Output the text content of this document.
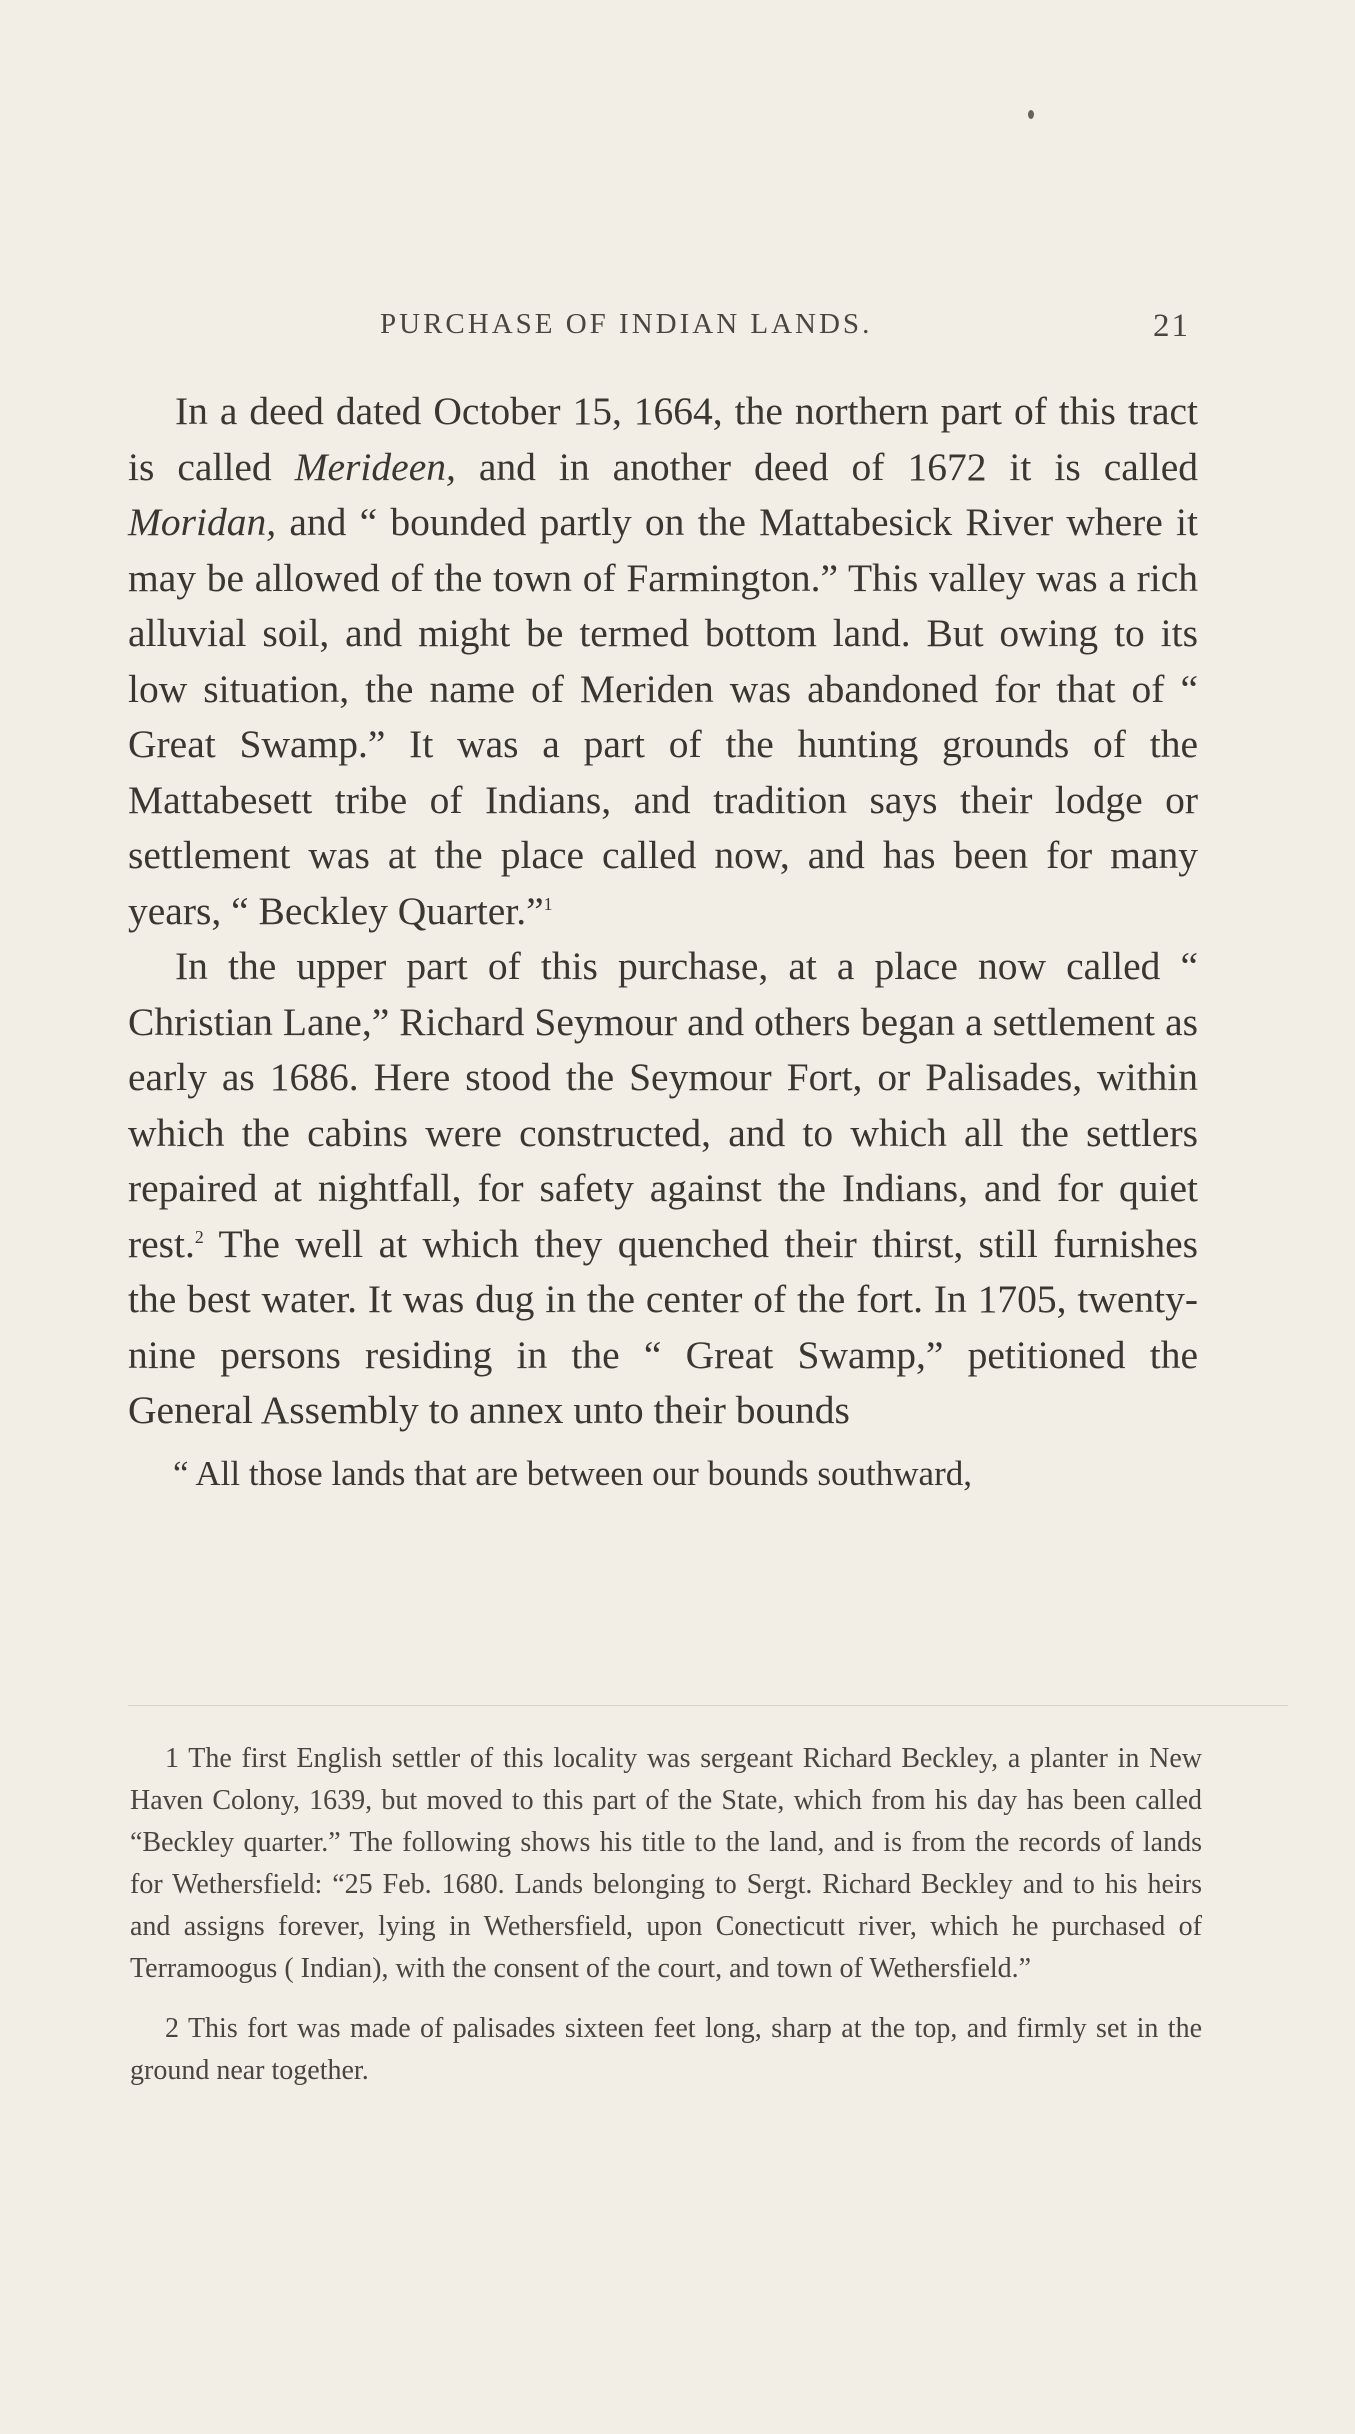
PURCHASE OF INDIAN LANDS.	21

In a deed dated October 15, 1664, the northern part of this tract is called Merideen, and in another deed of 1672 it is called Moridan, and “ bounded partly on the Mattabesick River where it may be allowed of the town of Farmington.” This valley was a rich alluvial soil, and might be termed bottom land. But owing to its low situation, the name of Meriden was abandoned for that of “ Great Swamp.” It was a part of the hunting grounds of the Mattabesett tribe of Indians, and tradition says their lodge or settlement was at the place called now, and has been for many years, “ Beckley Quarter.”$^1$

In the upper part of this purchase, at a place now called “ Christian Lane,” Richard Seymour and others began a settlement as early as 1686. Here stood the Seymour Fort, or Palisades, within which the cabins were constructed, and to which all the settlers repaired at nightfall, for safety against the Indians, and for quiet rest.$^2$ The well at which they quenched their thirst, still furnishes the best water. It was dug in the center of the fort. In 1705, twenty-nine persons residing in the “ Great Swamp,” petitioned the General Assembly to annex unto their bounds

“ All those lands that are between our bounds southward,

1 The first English settler of this locality was sergeant Richard Beckley, a planter in New Haven Colony, 1639, but moved to this part of the State, which from his day has been called “Beckley quarter.” The following shows his title to the land, and is from the records of lands for Wethersfield: “25 Feb. 1680. Lands belonging to Sergt. Richard Beckley and to his heirs and assigns forever, lying in Wethersfield, upon Conecticutt river, which he purchased of Terramoogus ( Indian), with the consent of the court, and town of Wethersfield.”

2 This fort was made of palisades sixteen feet long, sharp at the top, and firmly set in the ground near together.
